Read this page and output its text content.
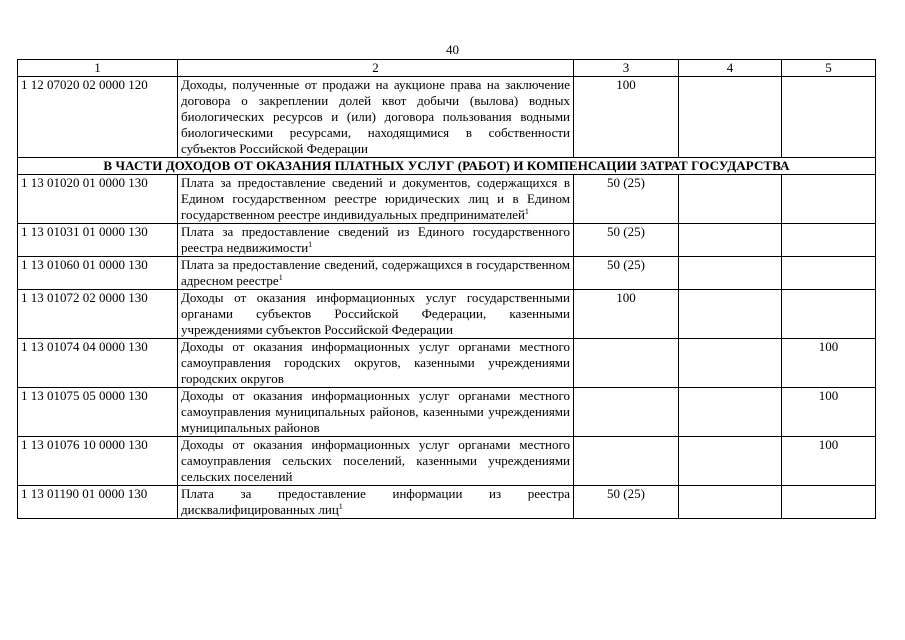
40
1	2	3	4	5
1 12 07020 02 0000 120	Доходы, полученные от продажи на аукционе права на заключение договора о закреплении долей квот добычи (вылова) водных биологических ресурсов и (или) договора пользования водными биологическими ресурсами, находящимися в собственности субъектов Российской Федерации	100		
В ЧАСТИ ДОХОДОВ ОТ ОКАЗАНИЯ ПЛАТНЫХ УСЛУГ (РАБОТ) И КОМПЕНСАЦИИ ЗАТРАТ ГОСУДАРСТВА				
1 13 01020 01 0000 130	Плата за предоставление сведений и документов, содержащихся в Едином государственном реестре юридических лиц и в Едином государственном реестре индивидуальных предпринимателей$^1$	50 (25)		
1 13 01031 01 0000 130	Плата за предоставление сведений из Единого государственного реестра недвижимости$^1$	50 (25)		
1 13 01060 01 0000 130	Плата за предоставление сведений, содержащихся в государственном адресном реестре$^1$	50 (25)		
1 13 01072 02 0000 130	Доходы от оказания информационных услуг государственными органами субъектов Российской Федерации, казенными учреждениями субъектов Российской Федерации	100		
1 13 01074 04 0000 130	Доходы от оказания информационных услуг органами местного самоуправления городских округов, казенными учреждениями городских округов			100
1 13 01075 05 0000 130	Доходы от оказания информационных услуг органами местного самоуправления муниципальных районов, казенными учреждениями муниципальных районов			100
1 13 01076 10 0000 130	Доходы от оказания информационных услуг органами местного самоуправления сельских поселений, казенными учреждениями сельских поселений			100
1 13 01190 01 0000 130	Плата за предоставление информации из реестра дисквалифицированных лиц$^1$	50 (25)		
